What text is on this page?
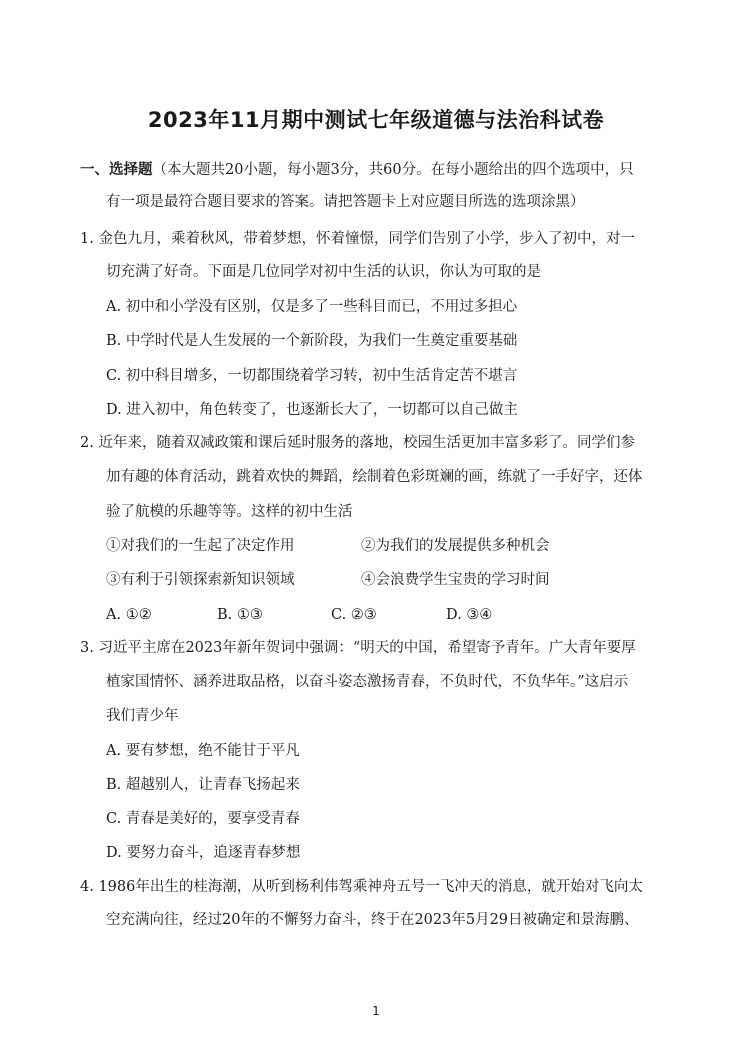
2023年11月期中测试七年级道德与法治科试卷
一、选择题（本大题共20小题，每小题3分，共60分。在每小题给出的四个选项中，只
有一项是最符合题目要求的答案。请把答题卡上对应题目所选的选项涂黑）
1. 金色九月，乘着秋风，带着梦想，怀着憧憬，同学们告别了小学，步入了初中，对一
切充满了好奇。下面是几位同学对初中生活的认识，你认为可取的是
A. 初中和小学没有区别，仅是多了一些科目而已，不用过多担心
B. 中学时代是人生发展的一个新阶段，为我们一生奠定重要基础
C. 初中科目增多，一切都围绕着学习转，初中生活肯定苦不堪言
D. 进入初中，角色转变了，也逐渐长大了，一切都可以自己做主
2. 近年来，随着双减政策和课后延时服务的落地，校园生活更加丰富多彩了。同学们参
加有趣的体育活动，跳着欢快的舞蹈，绘制着色彩斑斓的画，练就了一手好字，还体
验了航模的乐趣等等。这样的初中生活
①对我们的一生起了决定作用	②为我们的发展提供多种机会
③有利于引领探索新知识领域	④会浪费学生宝贵的学习时间
A. ①②	B. ①③	C. ②③	D. ③④
3. 习近平主席在2023年新年贺词中强调：“明天的中国，希望寄予青年。广大青年要厚
植家国情怀、涵养进取品格，以奋斗姿态激扬青春，不负时代，不负华年。”这启示
我们青少年
A. 要有梦想，绝不能甘于平凡
B. 超越别人，让青春飞扬起来
C. 青春是美好的，要享受青春
D. 要努力奋斗，追逐青春梦想
4. 1986年出生的桂海潮，从听到杨利伟驾乘神舟五号一飞冲天的消息，就开始对飞向太
空充满向往，经过20年的不懈努力奋斗，终于在2023年5月29日被确定和景海鹏、
1
